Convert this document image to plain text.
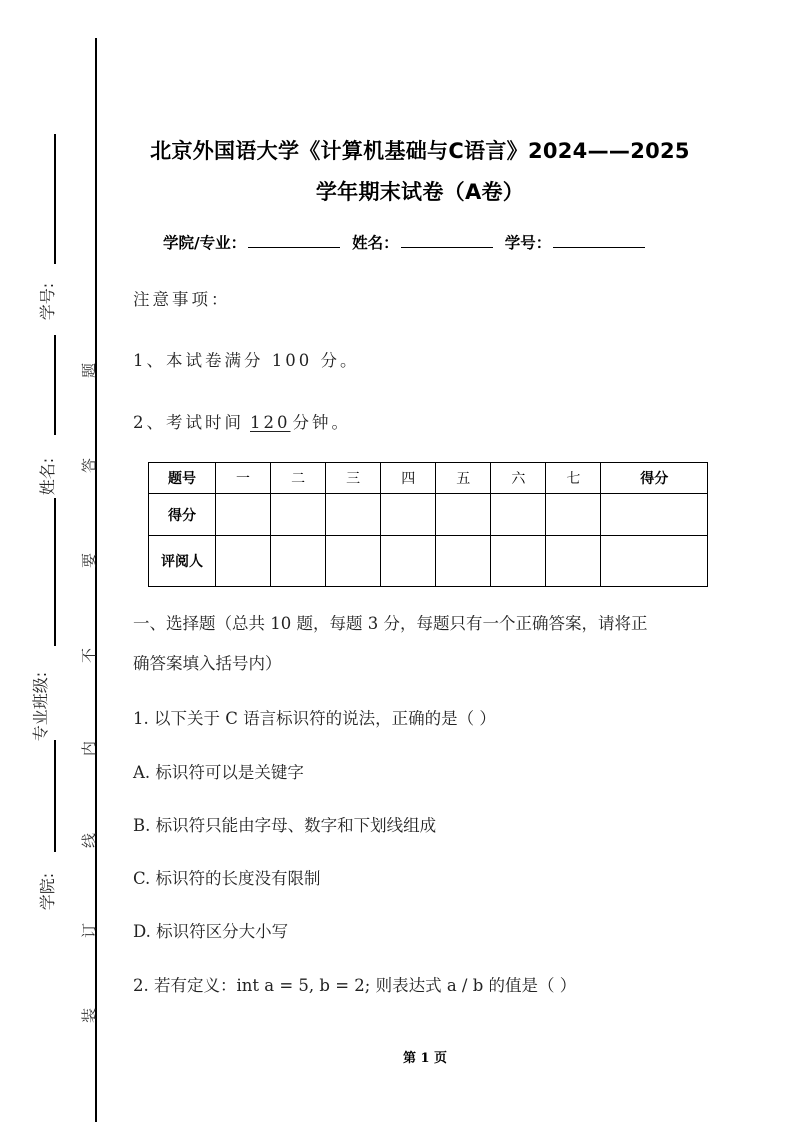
学号:
姓名:
专业班级:
学院:
题
答
要
不
内
线
订
装
北京外国语大学《计算机基础与C语言》2024——2025
学年期末试卷（A卷）
学院/专业：	姓名：	学号：
注意事项：
1、本试卷满分 100 分。
2、考试时间 120 分钟。
题号	一	二	三	四	五	六	七	得分
得分								
评阅人								
一、选择题（总共 10 题，每题 3 分，每题只有一个正确答案，请将正
确答案填入括号内）
1. 以下关于 C 语言标识符的说法，正确的是（ ）
A. 标识符可以是关键字
B. 标识符只能由字母、数字和下划线组成
C. 标识符的长度没有限制
D. 标识符区分大小写
2. 若有定义：int a = 5, b = 2; 则表达式 a / b 的值是（ ）
第 1 页
